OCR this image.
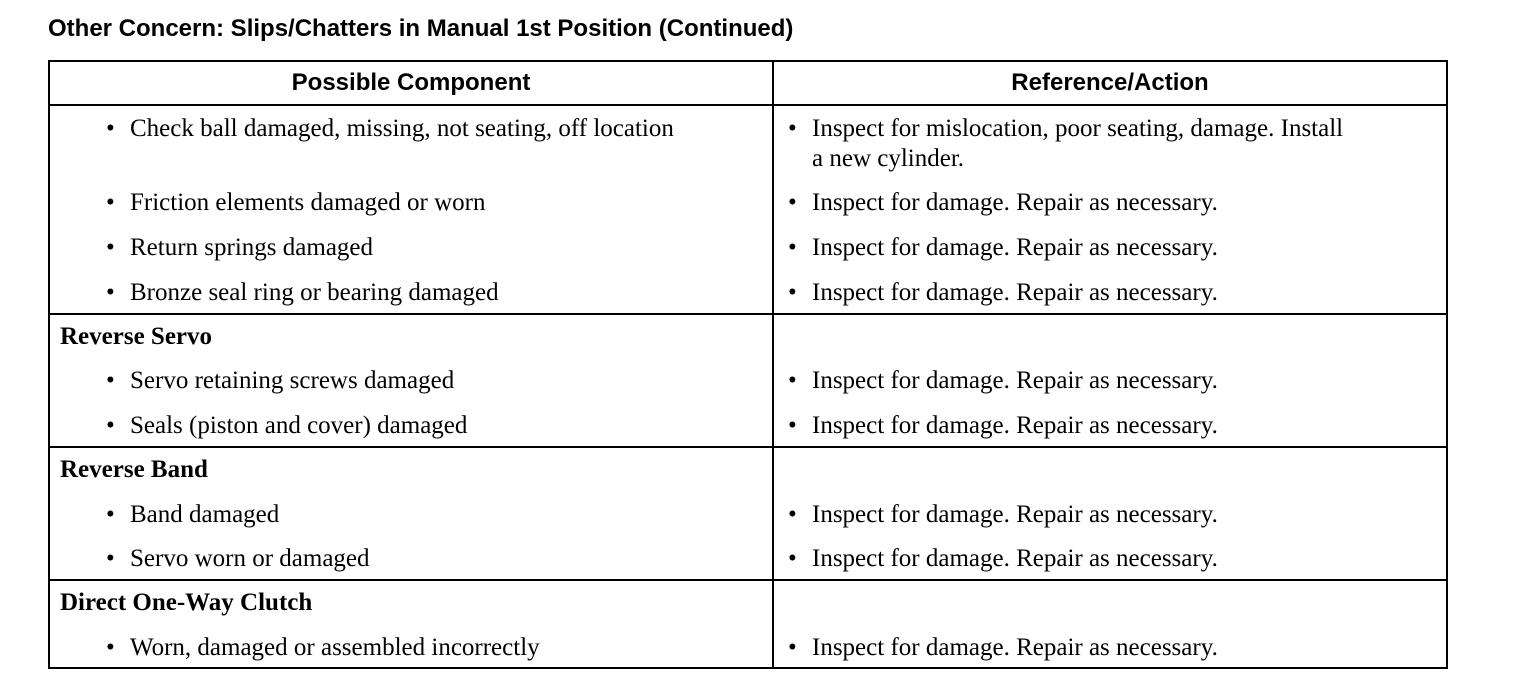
Other Concern: Slips/Chatters in Manual 1st Position (Continued)
Possible Component	Reference/Action
• Check ball damaged, missing, not seating, off location	• Inspect for mislocation, poor seating, damage. Install
a new cylinder.
• Friction elements damaged or worn	• Inspect for damage. Repair as necessary.
• Return springs damaged	• Inspect for damage. Repair as necessary.
• Bronze seal ring or bearing damaged	• Inspect for damage. Repair as necessary.
Reverse Servo
• Servo retaining screws damaged	• Inspect for damage. Repair as necessary.
• Seals (piston and cover) damaged	• Inspect for damage. Repair as necessary.
Reverse Band
• Band damaged	• Inspect for damage. Repair as necessary.
• Servo worn or damaged	• Inspect for damage. Repair as necessary.
Direct One-Way Clutch
• Worn, damaged or assembled incorrectly	• Inspect for damage. Repair as necessary.
